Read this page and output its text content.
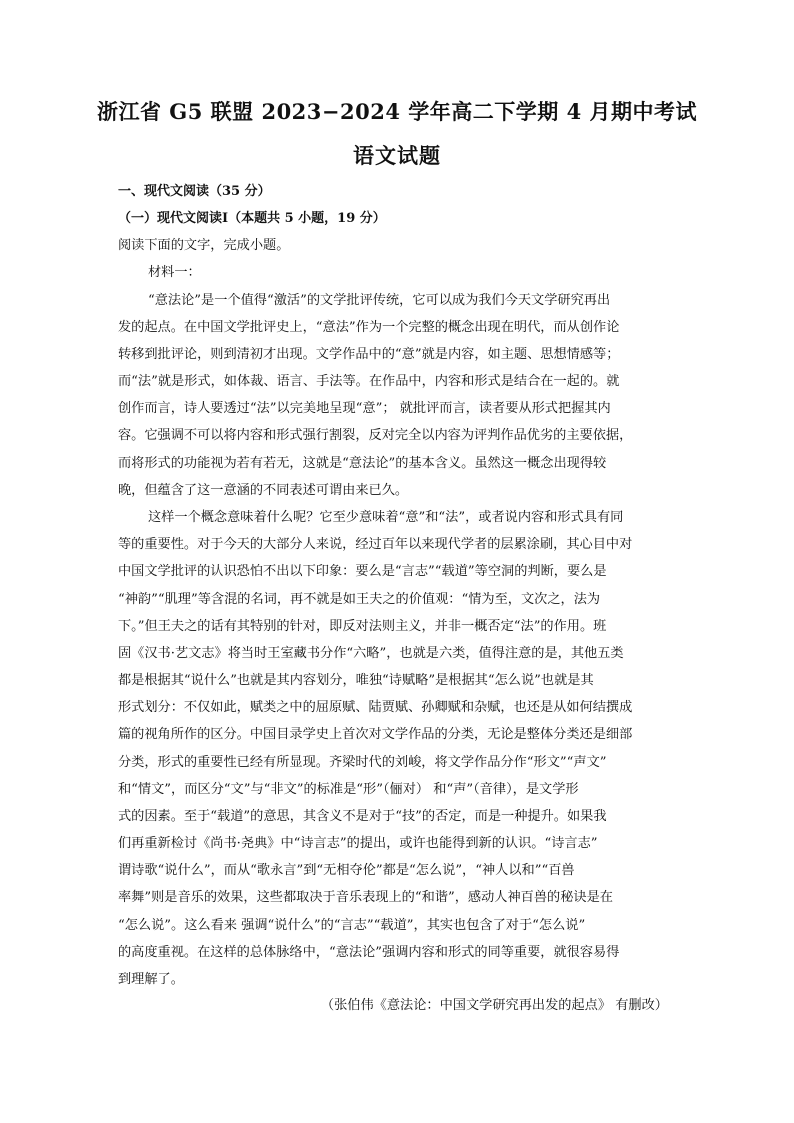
浙江省 G5 联盟 2023−2024 学年高二下学期 4 月期中考试
语文试题
一、现代文阅读（35 分）
（一）现代文阅读Ⅰ（本题共 5 小题，19 分）
阅读下面的文字，完成小题。
材料一：
“意法论”是一个值得“激活”的文学批评传统，它可以成为我们今天文学研究再出
发的起点。在中国文学批评史上，“意法”作为一个完整的概念出现在明代，而从创作论
转移到批评论，则到清初才出现。文学作品中的“意”就是内容，如主题、思想情感等；
而“法”就是形式，如体裁、语言、手法等。在作品中，内容和形式是结合在一起的。就
创作而言，诗人要透过“法”以完美地呈现“意”； 就批评而言，读者要从形式把握其内
容。它强调不可以将内容和形式强行割裂，反对完全以内容为评判作品优劣的主要依据，
而将形式的功能视为若有若无，这就是“意法论”的基本含义。虽然这一概念出现得较
晚，但蕴含了这一意涵的不同表述可谓由来已久。
这样一个概念意味着什么呢？它至少意味着“意”和“法”，或者说内容和形式具有同
等的重要性。对于今天的大部分人来说，经过百年以来现代学者的层累涂刷，其心目中对
中国文学批评的认识恐怕不出以下印象：要么是“言志”“载道”等空洞的判断，要么是
“神韵”“肌理”等含混的名词，再不就是如王夫之的价值观：“情为至，文次之，法为
下。”但王夫之的话有其特别的针对，即反对法则主义，并非一概否定“法”的作用。班
固《汉书·艺文志》将当时王室藏书分作“六略”，也就是六类，值得注意的是，其他五类
都是根据其“说什么”也就是其内容划分，唯独“诗赋略”是根据其“怎么说”也就是其
形式划分：不仅如此，赋类之中的屈原赋、陆贾赋、孙卿赋和杂赋，也还是从如何结撰成
篇的视角所作的区分。中国目录学史上首次对文学作品的分类，无论是整体分类还是细部
分类，形式的重要性已经有所显现。齐梁时代的刘峻，将文学作品分作“形文”“声文”
和“情文”，而区分“文”与“非文”的标准是“形”（俪对） 和“声”（音律），是文学形
式的因素。至于“载道”的意思，其含义不是对于“技”的否定，而是一种提升。如果我
们再重新检讨《尚书·尧典》中“诗言志”的提出，或许也能得到新的认识。“诗言志”
谓诗歌“说什么”，而从“歌永言”到“无相夺伦”都是“怎么说”，“神人以和”“百兽
率舞”则是音乐的效果，这些都取决于音乐表现上的“和谐”，感动人神百兽的秘诀是在
“怎么说”。这么看来 强调“说什么”的“言志”“载道”，其实也包含了对于“怎么说”
的高度重视。在这样的总体脉络中，“意法论”强调内容和形式的同等重要，就很容易得
到理解了。
（张伯伟《意法论：中国文学研究再出发的起点》 有删改）
